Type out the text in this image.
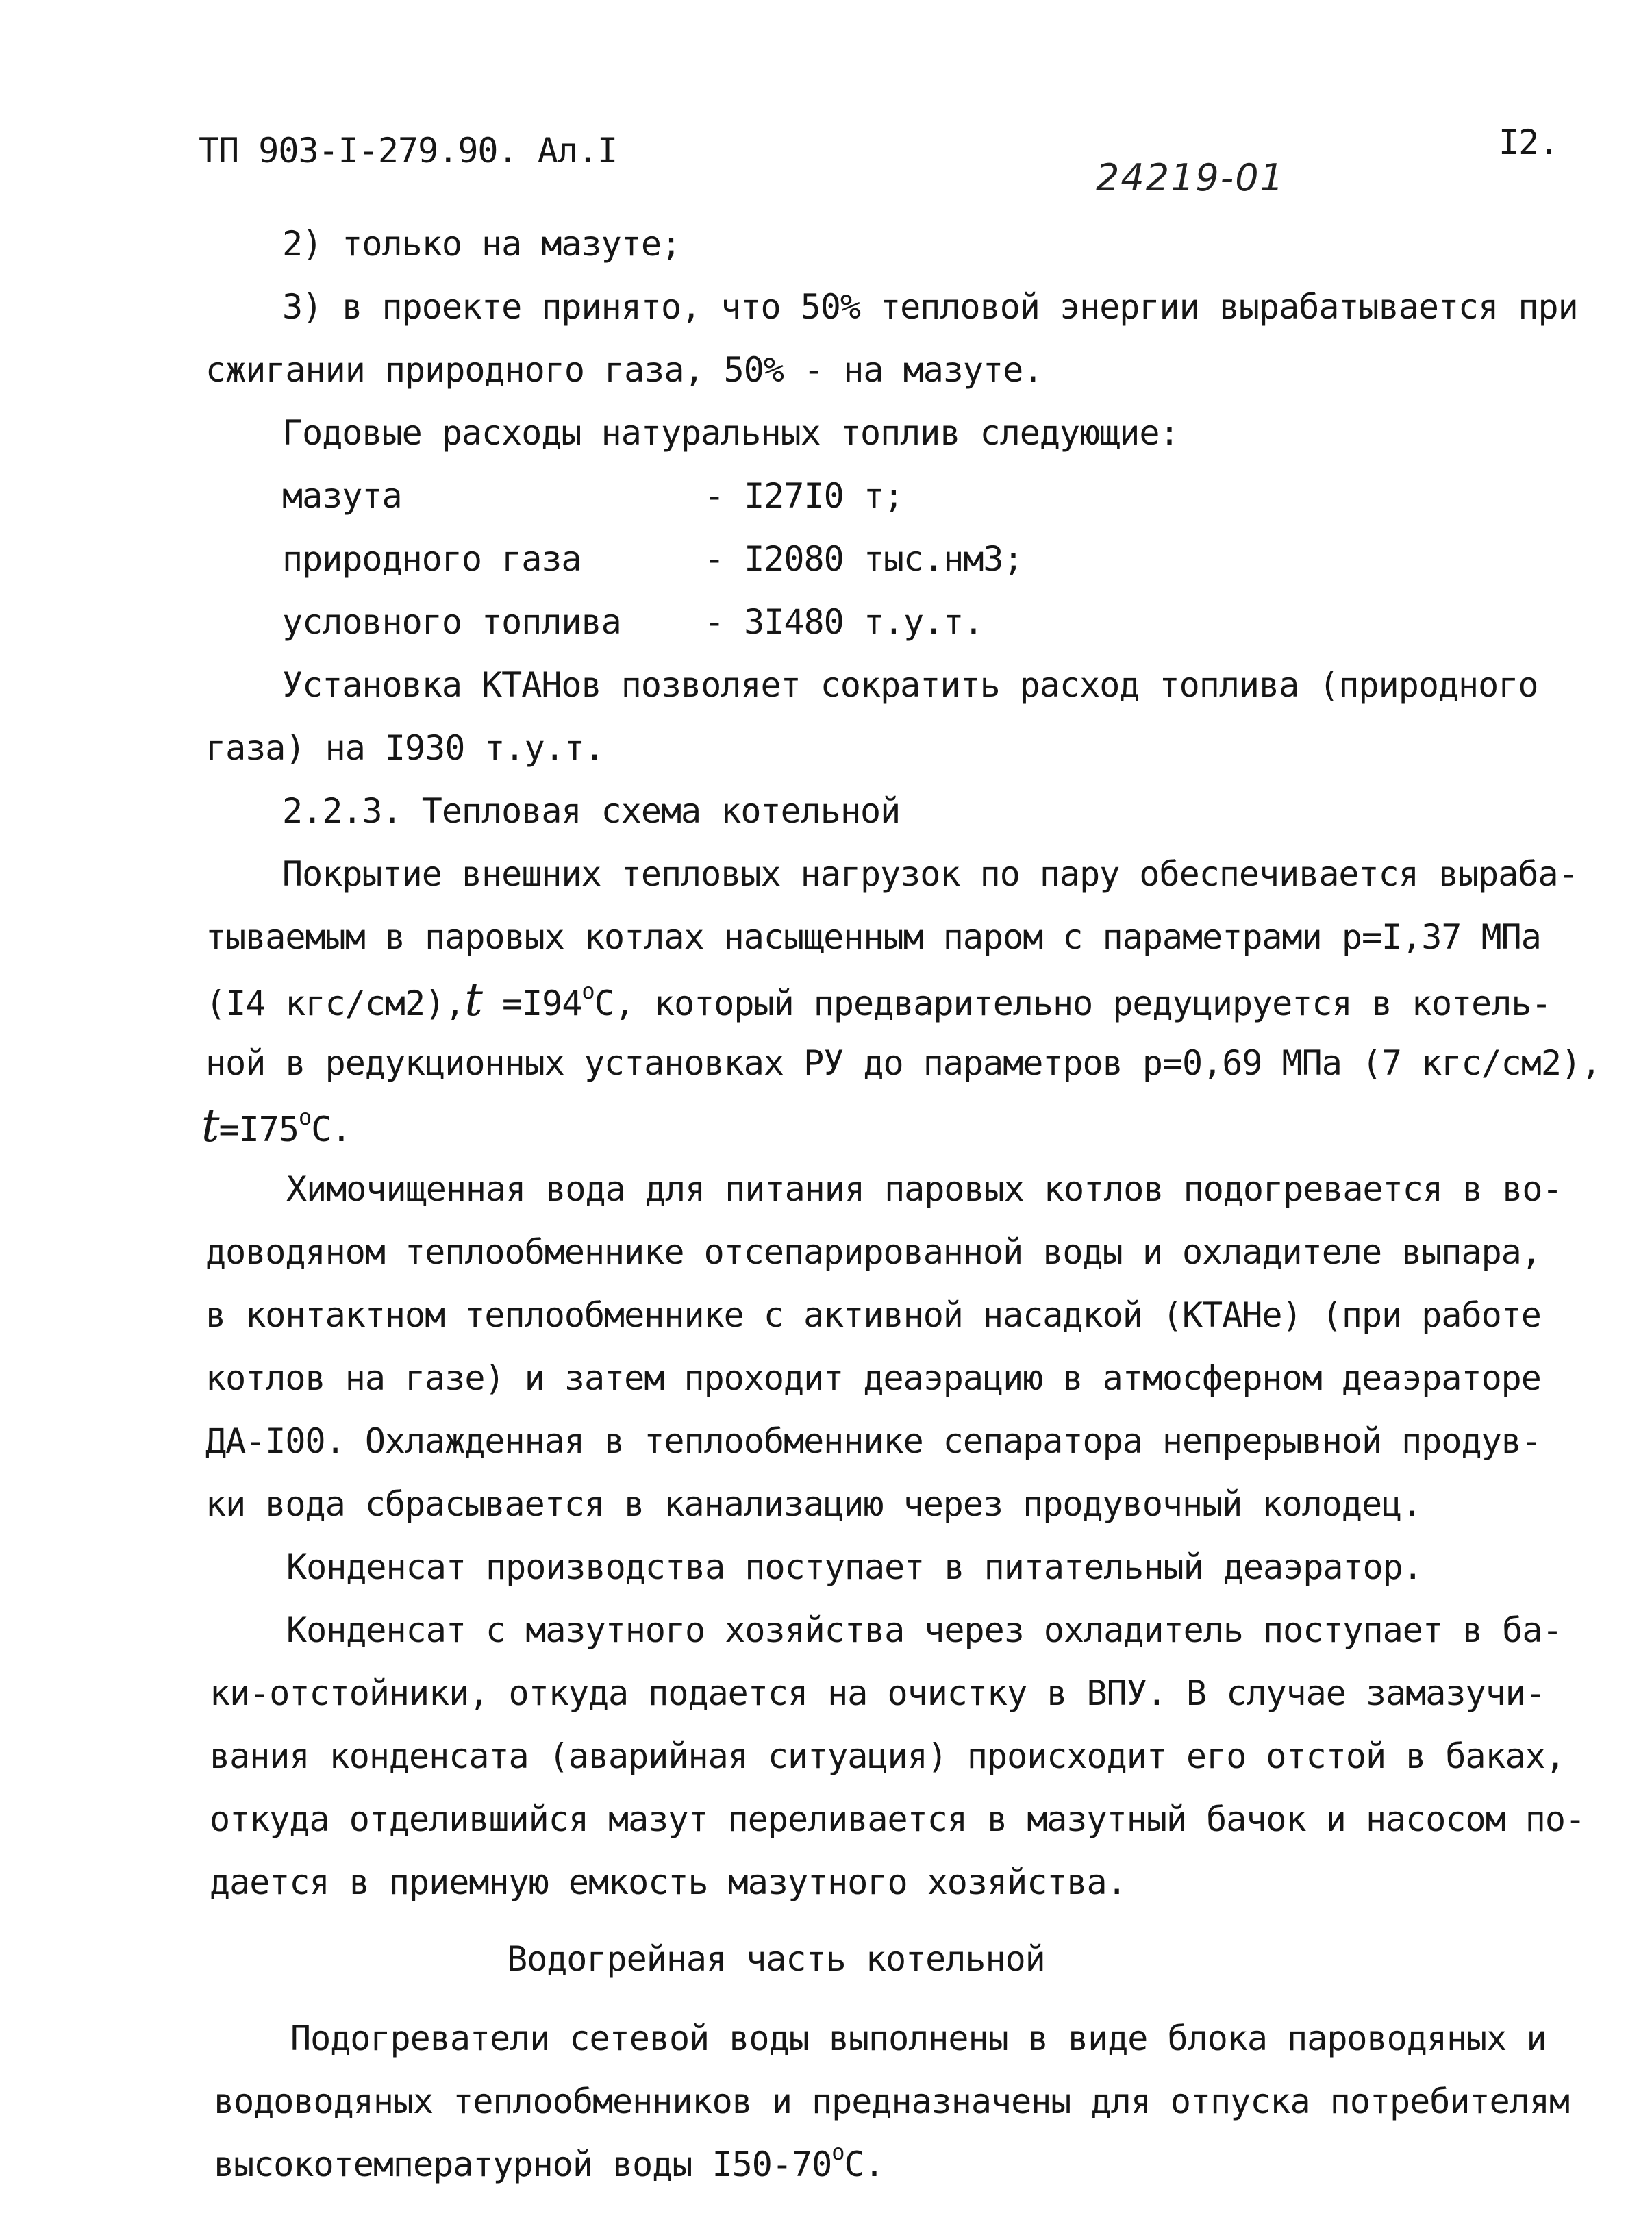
ТП 903-I-279.90. Ал.I
24219-01
I2.
2) только на мазуте;
3) в проекте принято, что 50% тепловой энергии вырабатывается при
сжигании природного газа, 50% - на мазуте.
Годовые расходы натуральных топлив следующие:
мазута	- I27I0 т;
природного газа	- I2080 тыс.нм3;
условного топлива - 3I480 т.у.т.
Установка КТАНов позволяет сократить расход топлива (природного
газа) на I930 т.у.т.
2.2.3. Тепловая схема котельной
Покрытие внешних тепловых нагрузок по пару обеспечивается выраба-
тываемым в паровых котлах насыщенным паром с параметрами р=I,37 МПа
(I4 $кгс/см2),t =I94^oС$, который предварительно редуцируется в котель-
ной в редукционных установках РУ до параметров р=0,69 МПа (7 кгс/см2),
$t=I75^oС$.
Химочищенная вода для питания паровых котлов подогревается в во-
доводяном теплообменнике отсепарированной воды и охладителе выпара,
в контактном теплообменнике с активной насадкой (КТАНе) (при работе
котлов на газе) и затем проходит деаэрацию в атмосферном деаэраторе
ДА-I00. Охлажденная в теплообменнике сепаратора непрерывной продув-
ки вода сбрасывается в канализацию через продувочный колодец.
Конденсат производства поступает в питательный деаэратор.
Конденсат с мазутного хозяйства через охладитель поступает в ба-
ки-отстойники, откуда подается на очистку в ВПУ. В случае замазучи-
вания конденсата (аварийная ситуация) происходит его отстой в баках,
откуда отделившийся мазут переливается в мазутный бачок и насосом по-
дается в приемную емкость мазутного хозяйства.
Водогрейная часть котельной
Подогреватели сетевой воды выполнены в виде блока пароводяных и
водоводяных теплообменников и предназначены для отпуска потребителям
высокотемпературной воды I50-70$^o$С.
